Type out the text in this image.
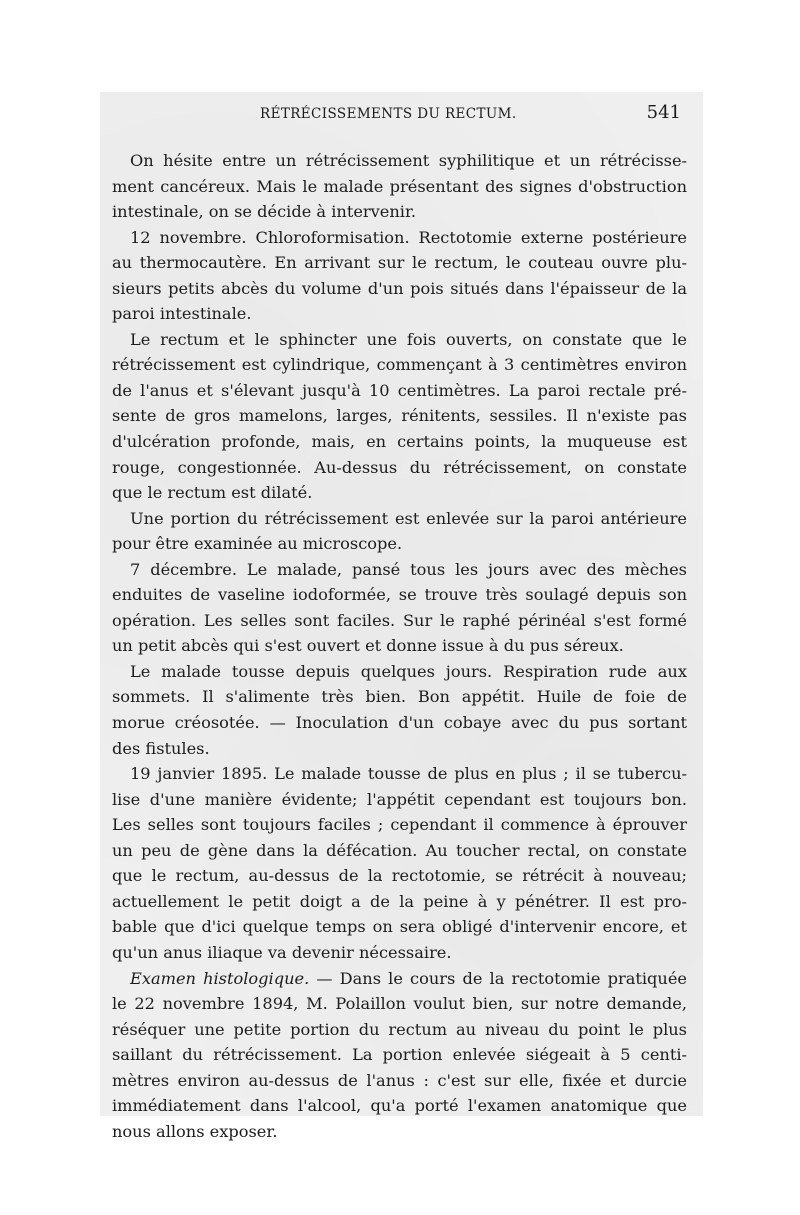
RÉTRÉCISSEMENTS DU RECTUM.	541
On hésite entre un rétrécissement syphilitique et un rétrécisse-
ment cancéreux. Mais le malade présentant des signes d'obstruction
intestinale, on se décide à intervenir.
12 novembre. Chloroformisation. Rectotomie externe postérieure
au thermocautère. En arrivant sur le rectum, le couteau ouvre plu-
sieurs petits abcès du volume d'un pois situés dans l'épaisseur de la
paroi intestinale.
Le rectum et le sphincter une fois ouverts, on constate que le
rétrécissement est cylindrique, commençant à 3 centimètres environ
de l'anus et s'élevant jusqu'à 10 centimètres. La paroi rectale pré-
sente de gros mamelons, larges, rénitents, sessiles. Il n'existe pas
d'ulcération profonde, mais, en certains points, la muqueuse est
rouge, congestionnée. Au-dessus du rétrécissement, on constate
que le rectum est dilaté.
Une portion du rétrécissement est enlevée sur la paroi antérieure
pour être examinée au microscope.
7 décembre. Le malade, pansé tous les jours avec des mèches
enduites de vaseline iodoformée, se trouve très soulagé depuis son
opération. Les selles sont faciles. Sur le raphé périnéal s'est formé
un petit abcès qui s'est ouvert et donne issue à du pus séreux.
Le malade tousse depuis quelques jours. Respiration rude aux
sommets. Il s'alimente très bien. Bon appétit. Huile de foie de
morue créosotée. — Inoculation d'un cobaye avec du pus sortant
des fistules.
19 janvier 1895. Le malade tousse de plus en plus ; il se tubercu-
lise d'une manière évidente; l'appétit cependant est toujours bon.
Les selles sont toujours faciles ; cependant il commence à éprouver
un peu de gène dans la défécation. Au toucher rectal, on constate
que le rectum, au-dessus de la rectotomie, se rétrécit à nouveau;
actuellement le petit doigt a de la peine à y pénétrer. Il est pro-
bable que d'ici quelque temps on sera obligé d'intervenir encore, et
qu'un anus iliaque va devenir nécessaire.
Examen histologique. — Dans le cours de la rectotomie pratiquée
le 22 novembre 1894, M. Polaillon voulut bien, sur notre demande,
réséquer une petite portion du rectum au niveau du point le plus
saillant du rétrécissement. La portion enlevée siégeait à 5 centi-
mètres environ au-dessus de l'anus : c'est sur elle, fixée et durcie
immédiatement dans l'alcool, qu'a porté l'examen anatomique que
nous allons exposer.
